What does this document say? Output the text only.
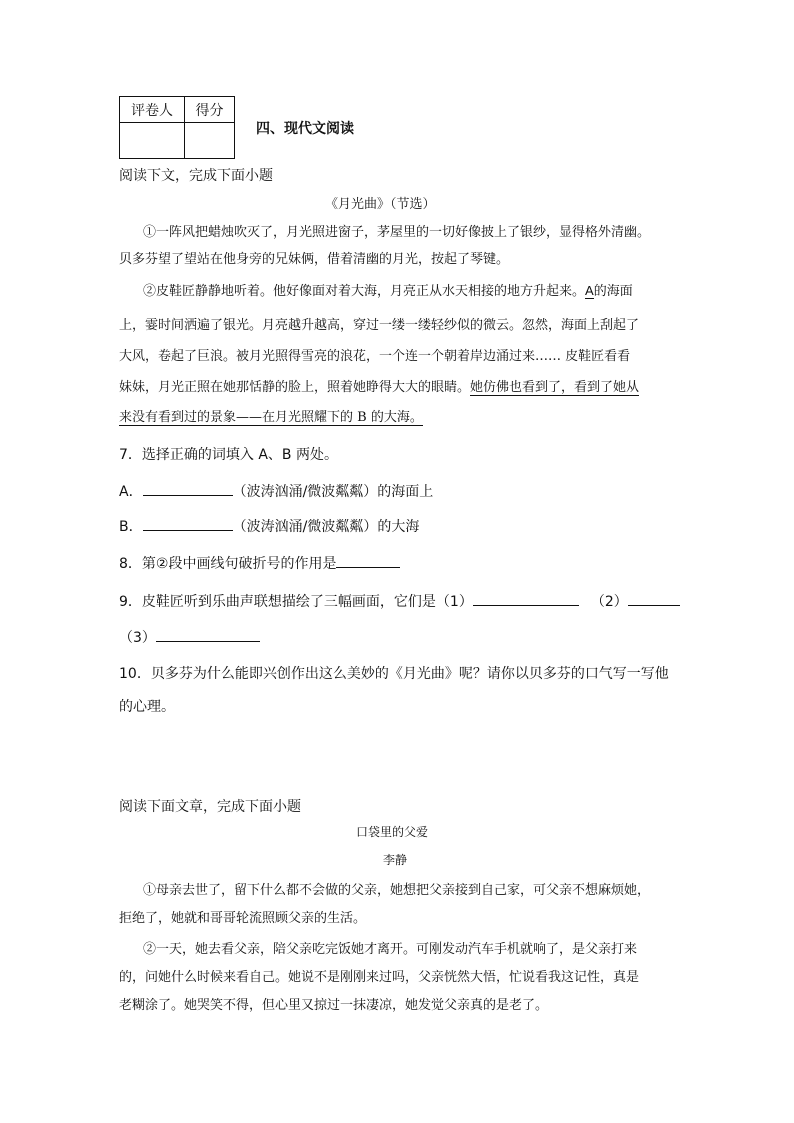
评卷人	得分

四、现代文阅读
阅读下文，完成下面小题
《月光曲》（节选）
①一阵风把蜡烛吹灭了，月光照进窗子，茅屋里的一切好像披上了银纱，显得格外清幽。
贝多芬望了望站在他身旁的兄妹俩，借着清幽的月光，按起了琴键。
②皮鞋匠静静地听着。他好像面对着大海，月亮正从水天相接的地方升起来。A的海面
上，霎时间洒遍了银光。月亮越升越高，穿过一缕一缕轻纱似的微云。忽然，海面上刮起了
大风，卷起了巨浪。被月光照得雪亮的浪花，一个连一个朝着岸边涌过来…… 皮鞋匠看看
妹妹，月光正照在她那恬静的脸上，照着她睁得大大的眼睛。她仿佛也看到了，看到了她从
来没有看到过的景象——在月光照耀下的 B 的大海。
7．选择正确的词填入 A、B 两处。
A．	（波涛汹涌/微波粼粼）的海面上
B．	（波涛汹涌/微波粼粼）的大海
8．第②段中画线句破折号的作用是
9．皮鞋匠听到乐曲声联想描绘了三幅画面，它们是（1）	（2）
（3）
10．贝多芬为什么能即兴创作出这么美妙的《月光曲》呢？请你以贝多芬的口气写一写他
的心理。
阅读下面文章，完成下面小题
口袋里的父爱
李静
①母亲去世了，留下什么都不会做的父亲，她想把父亲接到自己家，可父亲不想麻烦她，
拒绝了，她就和哥哥轮流照顾父亲的生活。
②一天，她去看父亲，陪父亲吃完饭她才离开。可刚发动汽车手机就响了，是父亲打来
的，问她什么时候来看自己。她说不是刚刚来过吗，父亲恍然大悟，忙说看我这记性，真是
老糊涂了。她哭笑不得，但心里又掠过一抹凄凉，她发觉父亲真的是老了。
